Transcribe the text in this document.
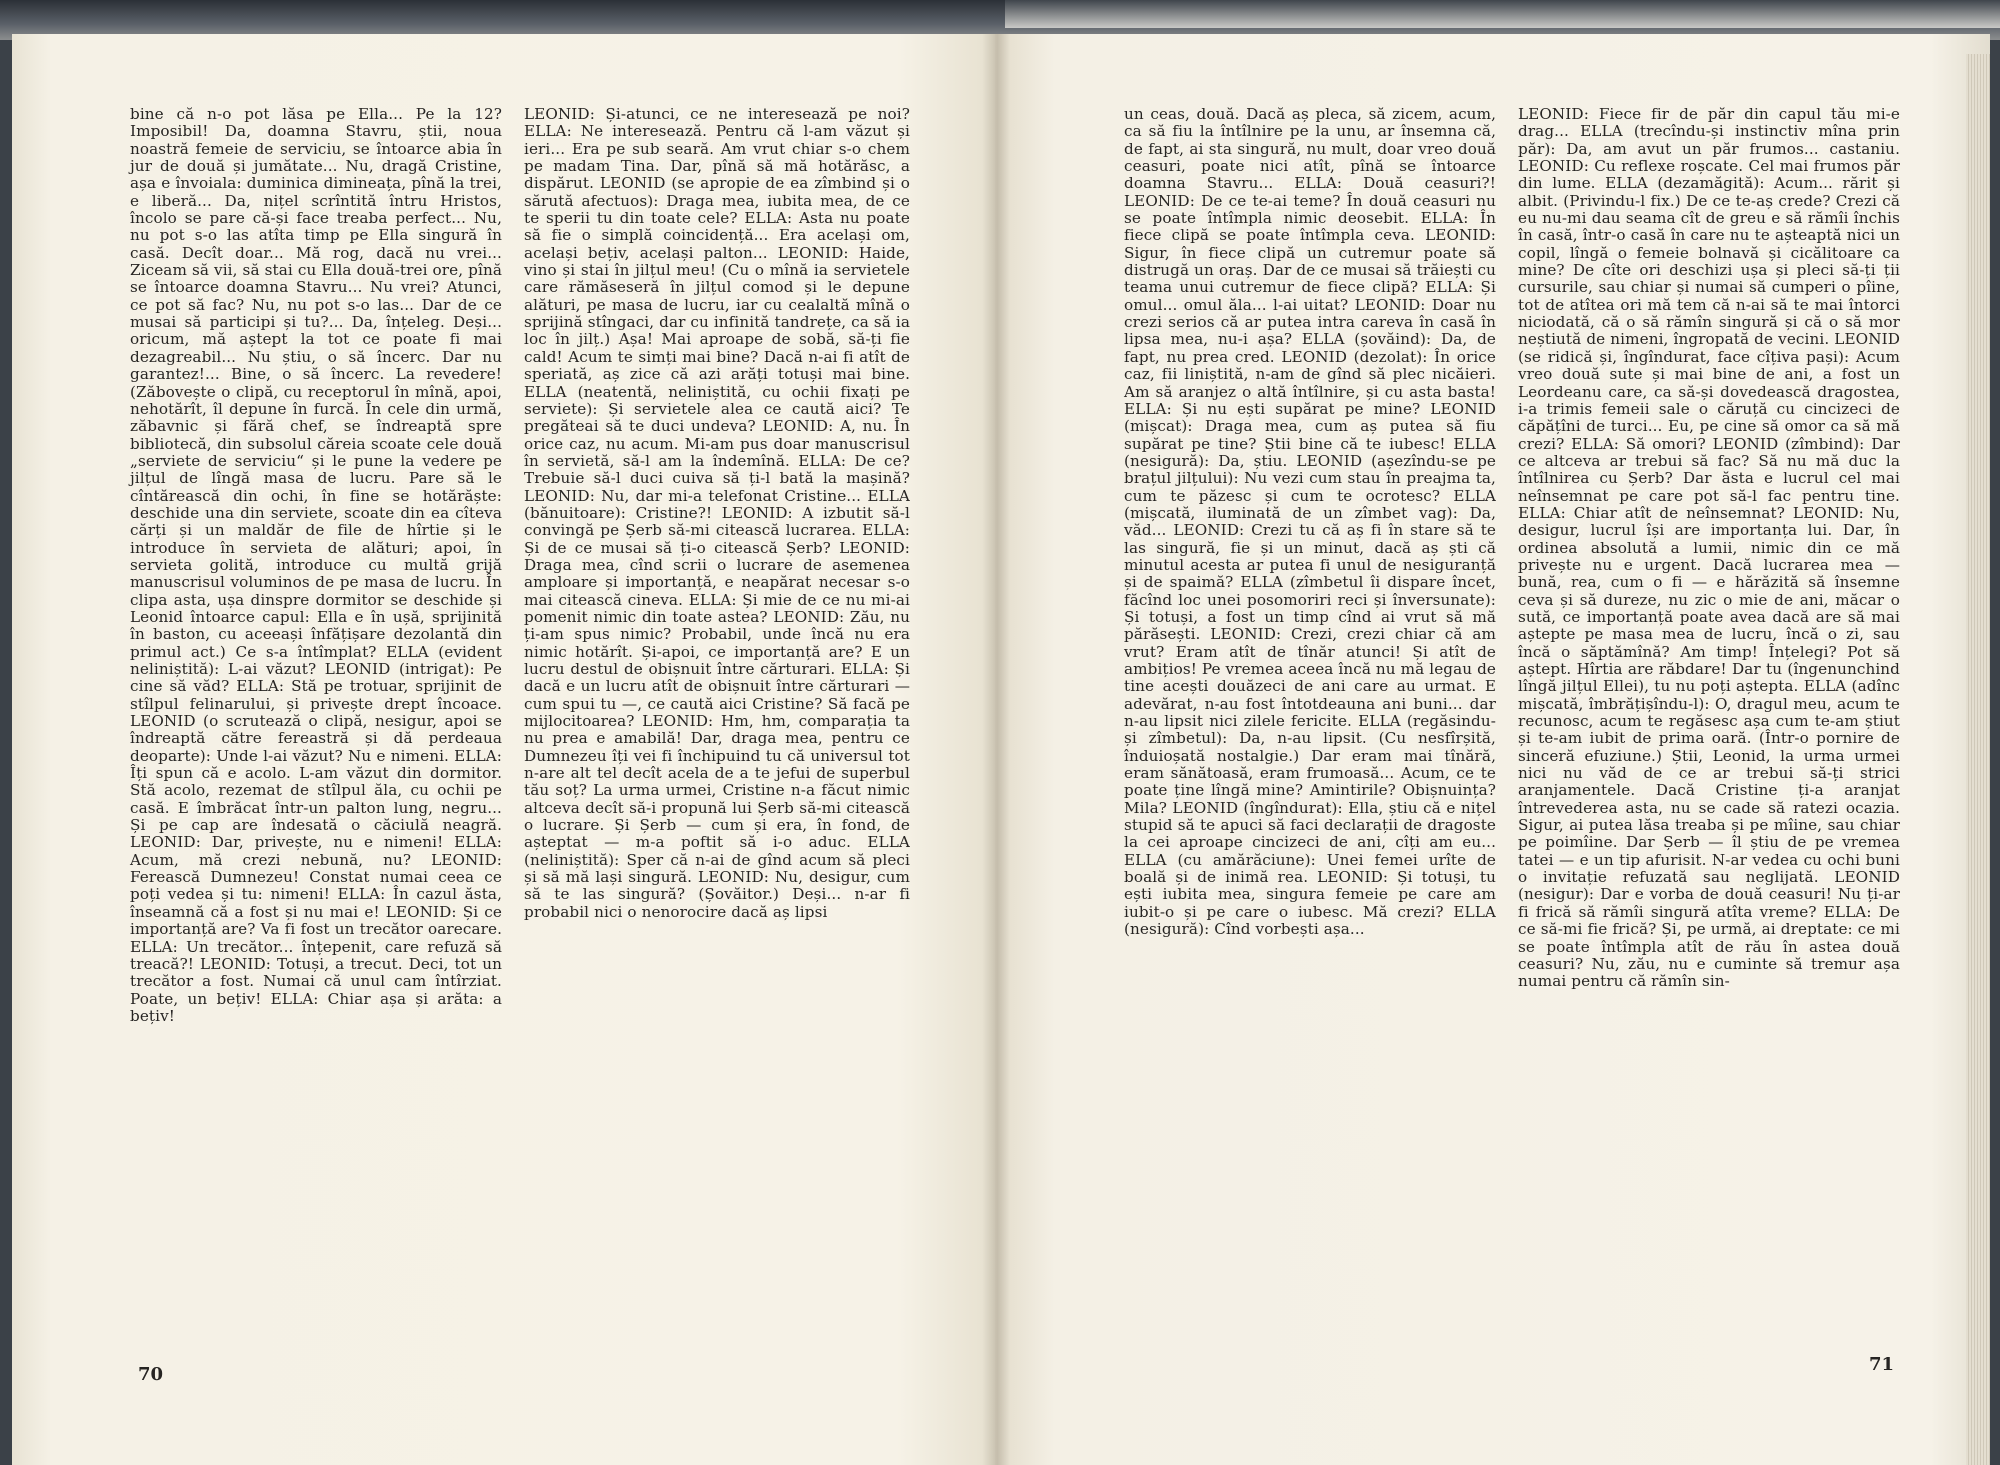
bine că n-o pot lăsa pe Ella... Pe la 12? Imposibil! Da, doamna Stavru, știi, noua noastră femeie de serviciu, se întoarce abia în jur de două și jumătate... Nu, dragă Cristine, așa e învoiala: duminica dimineața, pînă la trei, e liberă... Da, nițel scrîntită întru Hristos, încolo se pare că-și face treaba perfect... Nu, nu pot s-o las atîta timp pe Ella singură în casă. Decît doar... Mă rog, dacă nu vrei... Ziceam să vii, să stai cu Ella două-trei ore, pînă se întoarce doamna Stavru... Nu vrei? Atunci, ce pot să fac? Nu, nu pot s-o las... Dar de ce musai să participi și tu?... Da, înțeleg. Deși... oricum, mă aștept la tot ce poate fi mai dezagreabil... Nu știu, o să încerc. Dar nu garantez!... Bine, o să încerc. La revedere! (Zăbovește o clipă, cu receptorul în mînă, apoi, nehotărît, îl depune în furcă. În cele din urmă, zăbavnic și fără chef, se îndreaptă spre bibliotecă, din subsolul căreia scoate cele două „serviete de serviciu“ și le pune la vedere pe jilțul de lîngă masa de lucru. Pare să le cîntărească din ochi, în fine se hotărăște: deschide una din serviete, scoate din ea cîteva cărți și un maldăr de file de hîrtie și le introduce în servieta de alături; apoi, în servieta golită, introduce cu multă grijă manuscrisul voluminos de pe masa de lucru. În clipa asta, ușa dinspre dormitor se deschide și Leonid întoarce capul: Ella e în ușă, sprijinită în baston, cu aceeași înfățișare dezolantă din primul act.) Ce s-a întîmplat? ELLA (evident neliniștită): L-ai văzut? LEONID (intrigat): Pe cine să văd? ELLA: Stă pe trotuar, sprijinit de stîlpul felinarului, și privește drept încoace. LEONID (o scrutează o clipă, nesigur, apoi se îndreaptă către fereastră și dă perdeaua deoparte): Unde l-ai văzut? Nu e nimeni. ELLA: Îți spun că e acolo. L-am văzut din dormitor. Stă acolo, rezemat de stîlpul ăla, cu ochii pe casă. E îmbrăcat într-un palton lung, negru... Și pe cap are îndesată o căciulă neagră. LEONID: Dar, privește, nu e nimeni! ELLA: Acum, mă crezi nebună, nu? LEONID: Ferească Dumnezeu! Constat numai ceea ce poți vedea și tu: nimeni! ELLA: În cazul ăsta, înseamnă că a fost și nu mai e! LEONID: Și ce importanță are? Va fi fost un trecător oarecare. ELLA: Un trecător... înțepenit, care refuză să treacă?! LEONID: Totuși, a trecut. Deci, tot un trecător a fost. Numai că unul cam întîrziat. Poate, un bețiv! ELLA: Chiar așa și arăta: a bețiv!

LEONID: Și-atunci, ce ne interesează pe noi? ELLA: Ne interesează. Pentru că l-am văzut și ieri... Era pe sub seară. Am vrut chiar s-o chem pe madam Tina. Dar, pînă să mă hotărăsc, a dispărut. LEONID (se apropie de ea zîmbind și o sărută afectuos): Draga mea, iubita mea, de ce te sperii tu din toate cele? ELLA: Asta nu poate să fie o simplă coincidență... Era același om, același bețiv, același palton... LEONID: Haide, vino și stai în jilțul meu! (Cu o mînă ia servietele care rămăseseră în jilțul comod și le depune alături, pe masa de lucru, iar cu cealaltă mînă o sprijină stîngaci, dar cu infinită tandrețe, ca să ia loc în jilț.) Așa! Mai aproape de sobă, să-ți fie cald! Acum te simți mai bine? Dacă n-ai fi atît de speriată, aș zice că azi arăți totuși mai bine. ELLA (neatentă, neliniștită, cu ochii fixați pe serviete): Și servietele alea ce caută aici? Te pregăteai să te duci undeva? LEONID: A, nu. În orice caz, nu acum. Mi-am pus doar manuscrisul în servietă, să-l am la îndemînă. ELLA: De ce? Trebuie să-l duci cuiva să ți-l bată la mașină? LEONID: Nu, dar mi-a telefonat Cristine... ELLA (bănuitoare): Cristine?! LEONID: A izbutit să-l convingă pe Șerb să-mi citească lucrarea. ELLA: Și de ce musai să ți-o citească Șerb? LEONID: Draga mea, cînd scrii o lucrare de asemenea amploare și importanță, e neapărat necesar s-o mai citească cineva. ELLA: Și mie de ce nu mi-ai pomenit nimic din toate astea? LEONID: Zău, nu ți-am spus nimic? Probabil, unde încă nu era nimic hotărît. Și-apoi, ce importanță are? E un lucru destul de obișnuit între cărturari. ELLA: Și dacă e un lucru atît de obișnuit între cărturari — cum spui tu —, ce caută aici Cristine? Să facă pe mijlocitoarea? LEONID: Hm, hm, comparația ta nu prea e amabilă! Dar, draga mea, pentru ce Dumnezeu îți vei fi închipuind tu că universul tot n-are alt tel decît acela de a te jefui de superbul tău soț? La urma urmei, Cristine n-a făcut nimic altceva decît să-i propună lui Șerb să-mi citească o lucrare. Și Șerb — cum și era, în fond, de așteptat — m-a poftit să i-o aduc. ELLA (neliniștită): Sper că n-ai de gînd acum să pleci și să mă lași singură. LEONID: Nu, desigur, cum să te las singură? (Șovăitor.) Deși... n-ar fi probabil nici o nenorocire dacă aș lipsi

70

un ceas, două. Dacă aș pleca, să zicem, acum, ca să fiu la întîlnire pe la unu, ar însemna că, de fapt, ai sta singură, nu mult, doar vreo două ceasuri, poate nici atît, pînă se întoarce doamna Stavru... ELLA: Două ceasuri?! LEONID: De ce te-ai teme? În două ceasuri nu se poate întîmpla nimic deosebit. ELLA: În fiece clipă se poate întîmpla ceva. LEONID: Sigur, în fiece clipă un cutremur poate să distrugă un oraș. Dar de ce musai să trăiești cu teama unui cutremur de fiece clipă? ELLA: Și omul... omul ăla... l-ai uitat? LEONID: Doar nu crezi serios că ar putea intra careva în casă în lipsa mea, nu-i așa? ELLA (șovăind): Da, de fapt, nu prea cred. LEONID (dezolat): În orice caz, fii liniștită, n-am de gînd să plec nicăieri. Am să aranjez o altă întîlnire, și cu asta basta! ELLA: Și nu ești supărat pe mine? LEONID (mișcat): Draga mea, cum aș putea să fiu supărat pe tine? Știi bine că te iubesc! ELLA (nesigură): Da, știu. LEONID (așezîndu-se pe brațul jilțului): Nu vezi cum stau în preajma ta, cum te păzesc și cum te ocrotesc? ELLA (mișcată, iluminată de un zîmbet vag): Da, văd... LEONID: Crezi tu că aș fi în stare să te las singură, fie și un minut, dacă aș ști că minutul acesta ar putea fi unul de nesiguranță și de spaimă? ELLA (zîmbetul îi dispare încet, făcînd loc unei posomoriri reci și înversunate): Și totuși, a fost un timp cînd ai vrut să mă părăsești. LEONID: Crezi, crezi chiar că am vrut? Eram atît de tînăr atunci! Și atît de ambițios! Pe vremea aceea încă nu mă legau de tine acești douăzeci de ani care au urmat. E adevărat, n-au fost întotdeauna ani buni... dar n-au lipsit nici zilele fericite. ELLA (regăsindu-și zîmbetul): Da, n-au lipsit. (Cu nesfîrșită, înduioșată nostalgie.) Dar eram mai tînără, eram sănătoasă, eram frumoasă... Acum, ce te poate ține lîngă mine? Amintirile? Obișnuința? Mila? LEONID (îngîndurat): Ella, știu că e nițel stupid să te apuci să faci declarații de dragoste la cei aproape cincizeci de ani, cîți am eu... ELLA (cu amărăciune): Unei femei urîte de boală și de inimă rea. LEONID: Și totuși, tu ești iubita mea, singura femeie pe care am iubit-o și pe care o iubesc. Mă crezi? ELLA (nesigură): Cînd vorbești așa...

LEONID: Fiece fir de păr din capul tău mi-e drag... ELLA (trecîndu-și instinctiv mîna prin păr): Da, am avut un păr frumos... castaniu. LEONID: Cu reflexe roșcate. Cel mai frumos păr din lume. ELLA (dezamăgită): Acum... rărit și albit. (Privindu-l fix.) De ce te-aș crede? Crezi că eu nu-mi dau seama cît de greu e să rămîi închis în casă, într-o casă în care nu te așteaptă nici un copil, lîngă o femeie bolnavă și cicălitoare ca mine? De cîte ori deschizi ușa și pleci să-ți ții cursurile, sau chiar și numai să cumperi o pîine, tot de atîtea ori mă tem că n-ai să te mai întorci niciodată, că o să rămîn singură și că o să mor neștiută de nimeni, îngropată de vecini. LEONID (se ridică și, îngîndurat, face cîțiva pași): Acum vreo două sute și mai bine de ani, a fost un Leordeanu care, ca să-și dovedească dragostea, i-a trimis femeii sale o căruță cu cincizeci de căpățîni de turci... Eu, pe cine să omor ca să mă crezi? ELLA: Să omori? LEONID (zîmbind): Dar ce altceva ar trebui să fac? Să nu mă duc la întîlnirea cu Șerb? Dar ăsta e lucrul cel mai neînsemnat pe care pot să-l fac pentru tine. ELLA: Chiar atît de neînsemnat? LEONID: Nu, desigur, lucrul își are importanța lui. Dar, în ordinea absolută a lumii, nimic din ce mă privește nu e urgent. Dacă lucrarea mea — bună, rea, cum o fi — e hărăzită să însemne ceva și să dureze, nu zic o mie de ani, măcar o sută, ce importanță poate avea dacă are să mai aștepte pe masa mea de lucru, încă o zi, sau încă o săptămînă? Am timp! Înțelegi? Pot să aștept. Hîrtia are răbdare! Dar tu (îngenunchind lîngă jilțul Ellei), tu nu poți aștepta. ELLA (adînc mișcată, îmbrățișîndu-l): O, dragul meu, acum te recunosc, acum te regăsesc așa cum te-am știut și te-am iubit de prima oară. (Într-o pornire de sinceră efuziune.) Știi, Leonid, la urma urmei nici nu văd de ce ar trebui să-ți strici aranjamentele. Dacă Cristine ți-a aranjat întrevederea asta, nu se cade să ratezi ocazia. Sigur, ai putea lăsa treaba și pe mîine, sau chiar pe poimîine. Dar Șerb — îl știu de pe vremea tatei — e un tip afurisit. N-ar vedea cu ochi buni o invitație refuzată sau neglijată. LEONID (nesigur): Dar e vorba de două ceasuri! Nu ți-ar fi frică să rămîi singură atîta vreme? ELLA: De ce să-mi fie frică? Și, pe urmă, ai dreptate: ce mi se poate întîmpla atît de rău în astea două ceasuri? Nu, zău, nu e cuminte să tremur așa numai pentru că rămîn sin-

71
